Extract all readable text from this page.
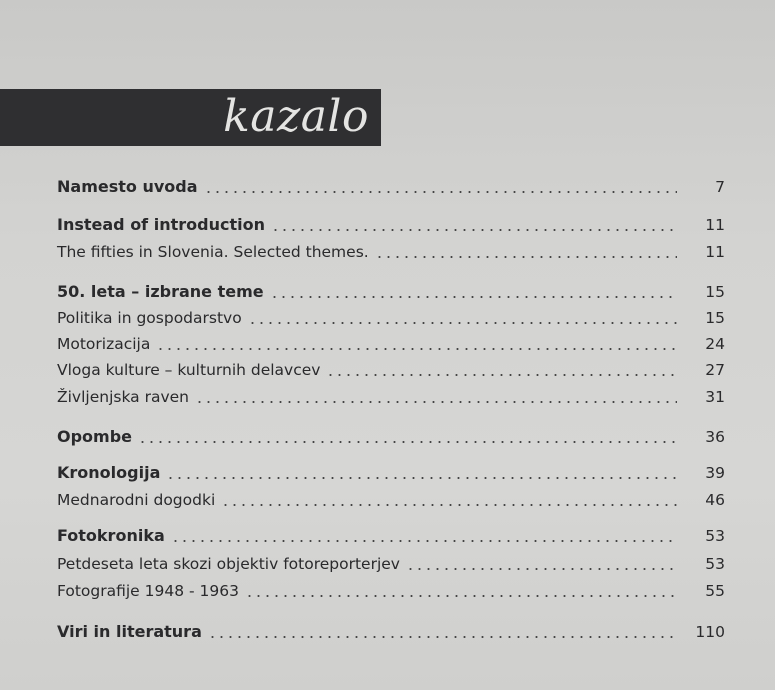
kazalo
Namesto uvoda	7
Instead of introduction	11
The fifties in Slovenia. Selected themes.	11
50. leta – izbrane teme	15
Politika in gospodarstvo	15
Motorizacija	24
Vloga kulture – kulturnih delavcev	27
Življenjska raven	31
Opombe	36
Kronologija	39
Mednarodni dogodki	46
Fotokronika	53
Petdeseta leta skozi objektiv fotoreporterjev	53
Fotografije 1948 - 1963	55
Viri in literatura	110
